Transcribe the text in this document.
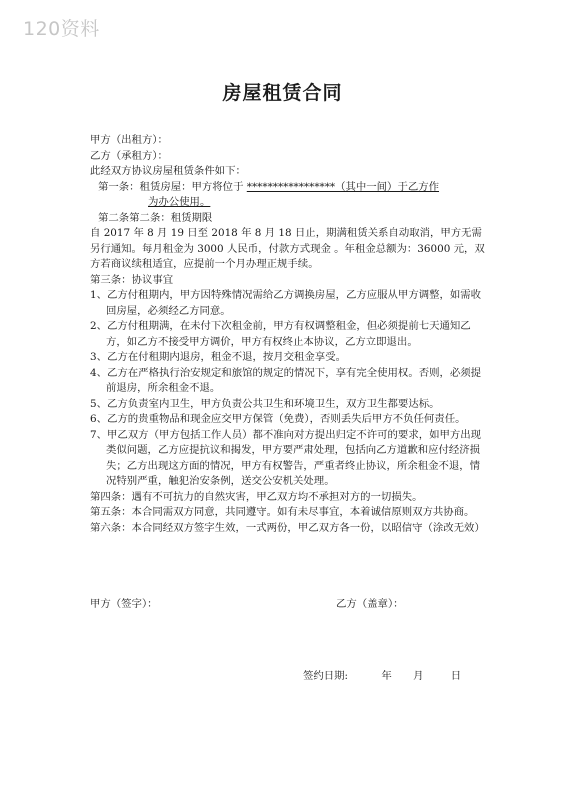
120资料
房屋租赁合同

甲方（出租方）：

乙方（承租方）：

此经双方协议房屋租赁条件如下：

第一条：租赁房屋：甲方将位于 *****************（其中一间）于乙方作

为办公使用。

第二条第二条：租赁期限

自 2017 年 8 月 19 日至 2018 年 8 月 18 日止，期满租赁关系自动取消，甲方无需另行通知。每月租金为 3000 人民币，付款方式现金 。年租金总额为：36000 元，双方若商议续租适宜，应提前一个月办理正规手续。

第三条：协议事宜

1、乙方付租期内，甲方因特殊情况需给乙方调换房屋，乙方应服从甲方调整，如需收回房屋，必须经乙方同意。

2、乙方付租期满，在未付下次租金前，甲方有权调整租金，但必须提前七天通知乙方，如乙方不接受甲方调价，甲方有权终止本协议，乙方立即退出。

3、乙方在付租期内退房，租金不退，按月交租金享受。

4、乙方在严格执行治安规定和旅馆的规定的情况下，享有完全使用权。否则，必须提前退房，所余租金不退。

5、乙方负责室内卫生，甲方负责公共卫生和环境卫生，双方卫生都要达标。

6、乙方的贵重物品和现金应交甲方保管（免费），否则丢失后甲方不负任何责任。

7、甲乙双方（甲方包括工作人员）都不准向对方提出归定不许可的要求，如甲方出现类似问题，乙方应提抗议和揭发，甲方要严肃处理，包括向乙方道歉和应付经济损失；乙方出现这方面的情况，甲方有权警告，严重者终止协议，所余租金不退，情况特别严重，触犯治安条例，送交公安机关处理。

第四条：遇有不可抗力的自然灾害，甲乙双方均不承担对方的一切损失。

第五条：本合同需双方同意，共同遵守。如有未尽事宜，本着诚信原则双方共协商。

第六条：本合同经双方签字生效，一式两份，甲乙双方各一份，以昭信守（涂改无效）

甲方（签字）：	乙方（盖章）：
签约日期:	年 月	日
